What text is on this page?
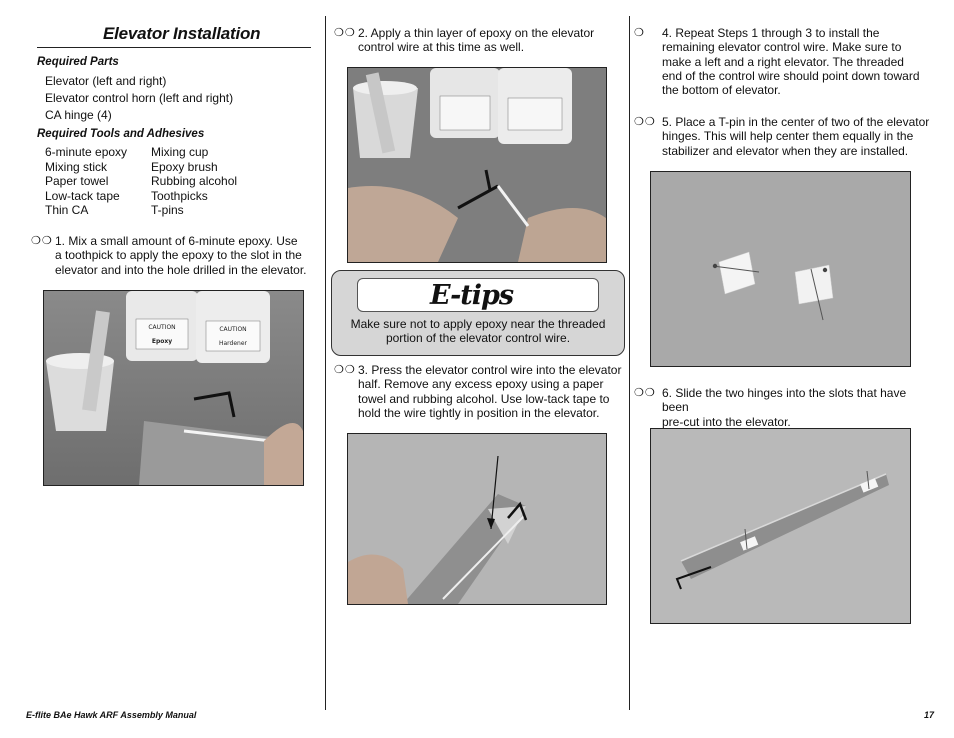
Elevator Installation
Required Parts
Elevator (left and right)
Elevator control horn (left and right)
CA hinge (4)
Required Tools and Adhesives
6-minute epoxy
Mixing stick
Paper towel
Low-tack tape
Thin CA
Mixing cup
Epoxy brush
Rubbing alcohol
Toothpicks
T-pins
❍❍ 1. Mix a small amount of 6-minute epoxy. Use
a toothpick to apply the epoxy to the slot in the
elevator and into the hole drilled in the elevator.
CAUTION
Epoxy
CAUTION
Hardener
❍❍ 2. Apply a thin layer of epoxy on the elevator
control wire at this time as well.
E-tips
Make sure not to apply epoxy near the threaded
portion of the elevator control wire.
❍❍ 3. Press the elevator control wire into the elevator
half. Remove any excess epoxy using a paper
towel and rubbing alcohol. Use low-tack tape to
hold the wire tightly in position in the elevator.
❍ 4. Repeat Steps 1 through 3 to install the
remaining elevator control wire. Make sure to
make a left and a right elevator. The threaded
end of the control wire should point down toward
the bottom of elevator.
❍❍ 5. Place a T-pin in the center of two of the elevator
hinges. This will help center them equally in the
stabilizer and elevator when they are installed.
❍❍ 6. Slide the two hinges into the slots that have been
pre-cut into the elevator.
E-flite BAe Hawk ARF Assembly Manual	17
